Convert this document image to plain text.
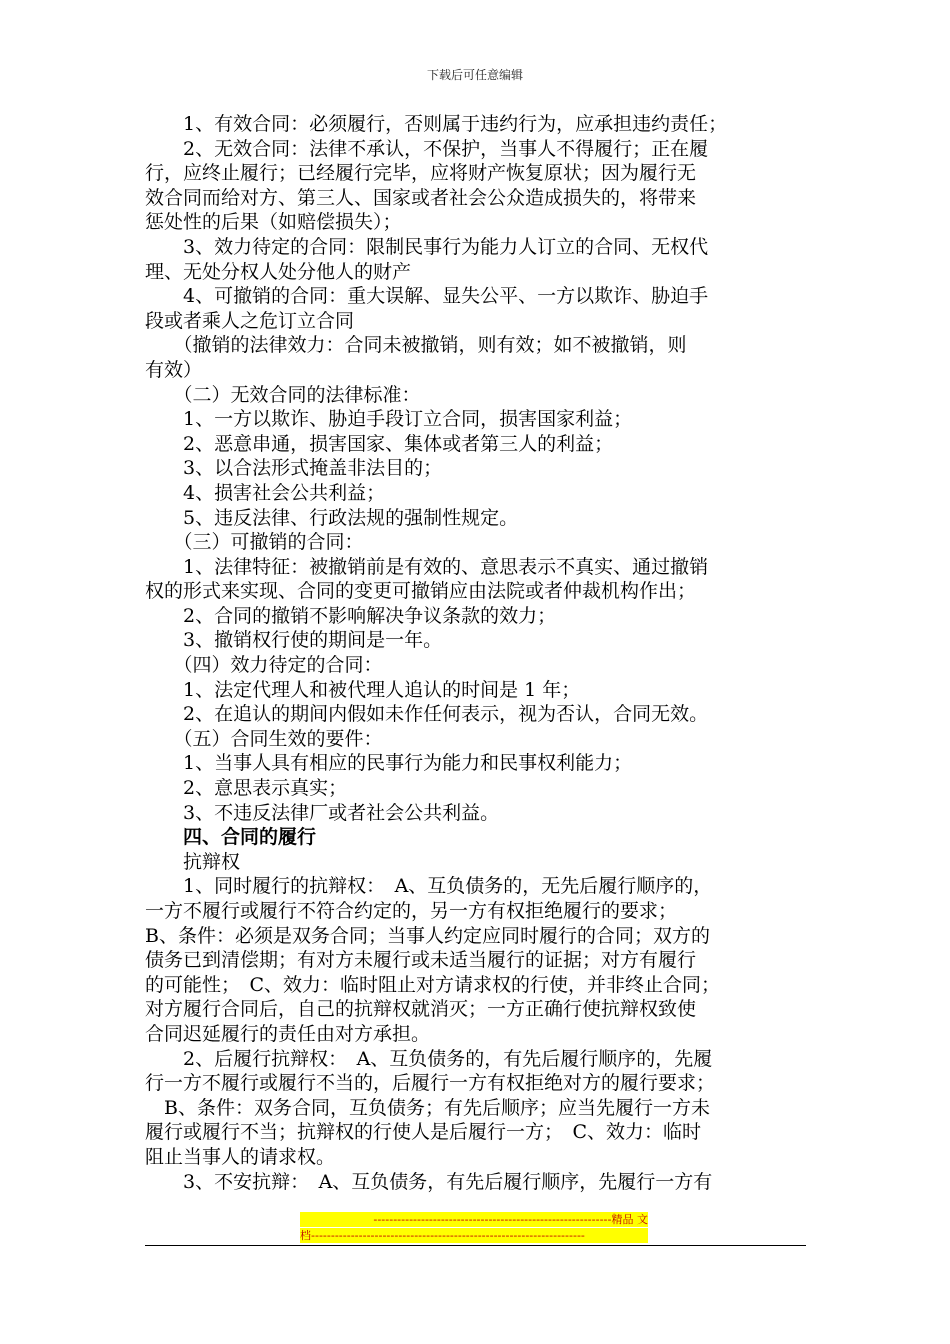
下载后可任意编辑
　　1、有效合同：必须履行，否则属于违约行为，应承担违约责任；
　　2、无效合同：法律不承认，不保护，当事人不得履行；正在履
行，应终止履行；已经履行完毕，应将财产恢复原状；因为履行无
效合同而给对方、第三人、国家或者社会公众造成损失的，将带来
惩处性的后果（如赔偿损失）；
　　3、效力待定的合同：限制民事行为能力人订立的合同、无权代
理、无处分权人处分他人的财产
　　4、可撤销的合同：重大误解、显失公平、一方以欺诈、胁迫手
段或者乘人之危订立合同
　　（撤销的法律效力：合同未被撤销，则有效；如不被撤销，则
有效）
　　（二）无效合同的法律标准：
　　1、一方以欺诈、胁迫手段订立合同，损害国家利益；
　　2、恶意串通，损害国家、集体或者第三人的利益；
　　3、以合法形式掩盖非法目的；
　　4、损害社会公共利益；
　　5、违反法律、行政法规的强制性规定。
　　（三）可撤销的合同：
　　1、法律特征：被撤销前是有效的、意思表示不真实、通过撤销
权的形式来实现、合同的变更可撤销应由法院或者仲裁机构作出；
　　2、合同的撤销不影响解决争议条款的效力；
　　3、撤销权行使的期间是一年。
　　（四）效力待定的合同：
　　1、法定代理人和被代理人追认的时间是 1 年；
　　2、在追认的期间内假如未作任何表示，视为否认，合同无效。
　　（五）合同生效的要件：
　　1、当事人具有相应的民事行为能力和民事权利能力；
　　2、意思表示真实；
　　3、不违反法律厂或者社会公共利益。
　　四、合同的履行
　　抗辩权
　　1、同时履行的抗辩权：　A、互负债务的，无先后履行顺序的，
一方不履行或履行不符合约定的，另一方有权拒绝履行的要求；
B、条件：必须是双务合同；当事人约定应同时履行的合同；双方的
债务已到清偿期；有对方未履行或未适当履行的证据；对方有履行
的可能性；　C、效力：临时阻止对方请求权的行使，并非终止合同；
对方履行合同后，自己的抗辩权就消灭；一方正确行使抗辩权致使
合同迟延履行的责任由对方承担。
　　2、后履行抗辩权：　A、互负债务的，有先后履行顺序的，先履
行一方不履行或履行不当的，后履行一方有权拒绝对方的履行要求；
　B、条件：双务合同，互负债务；有先后顺序；应当先履行一方未
履行或履行不当；抗辩权的行使人是后履行一方；　C、效力：临时
阻止当事人的请求权。
　　3、不安抗辩：　A、互负债务，有先后履行顺序，先履行一方有
------------------------------------------------------------精品 文
档---------------------------------------------------------------------
